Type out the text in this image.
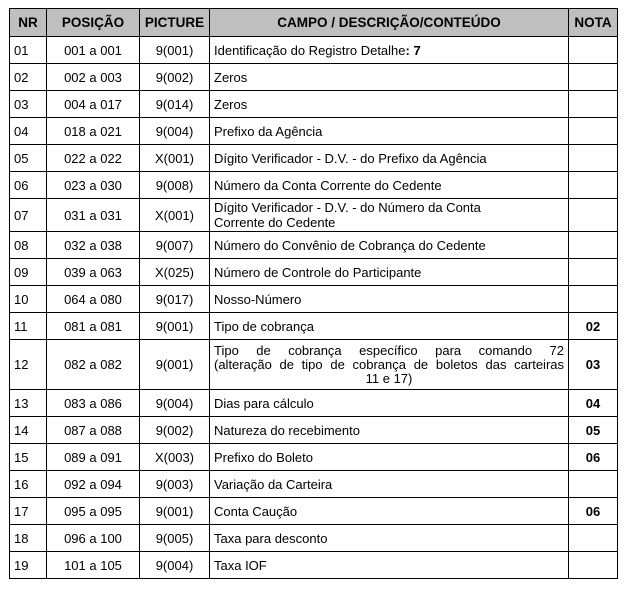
NR	POSIÇÃO	PICTURE	CAMPO / DESCRIÇÃO/CONTEÚDO	NOTA
01	001 a 001	9(001)	Identificação do Registro Detalhe: 7	
02	002 a 003	9(002)	Zeros	
03	004 a 017	9(014)	Zeros	
04	018 a 021	9(004)	Prefixo da Agência	
05	022 a 022	X(001)	Dígito Verificador - D.V. - do Prefixo da Agência	
06	023 a 030	9(008)	Número da Conta Corrente do Cedente	
07	031 a 031	X(001)	Dígito Verificador - D.V. - do Número da Conta
Corrente do Cedente	

08	032 a 038	9(007)	Número do Convênio de Cobrança do Cedente	
09	039 a 063	X(025)	Número de Controle do Participante	
10	064 a 080	9(017)	Nosso-Número	
11	081 a 081	9(001)	Tipo de cobrança	02
12	082 a 082	9(001)	Tipo de cobrança específico para comando 72
(alteração de tipo de cobrança de boletos das carteiras
11 e 17)	03
13	083 a 086	9(004)	Dias para cálculo	04
14	087 a 088	9(002)	Natureza do recebimento	05
15	089 a 091	X(003)	Prefixo do Boleto	06
16	092 a 094	9(003)	Variação da Carteira	
17	095 a 095	9(001)	Conta Caução	06
18	096 a 100	9(005)	Taxa para desconto	
19	101 a 105	9(004)	Taxa IOF	
